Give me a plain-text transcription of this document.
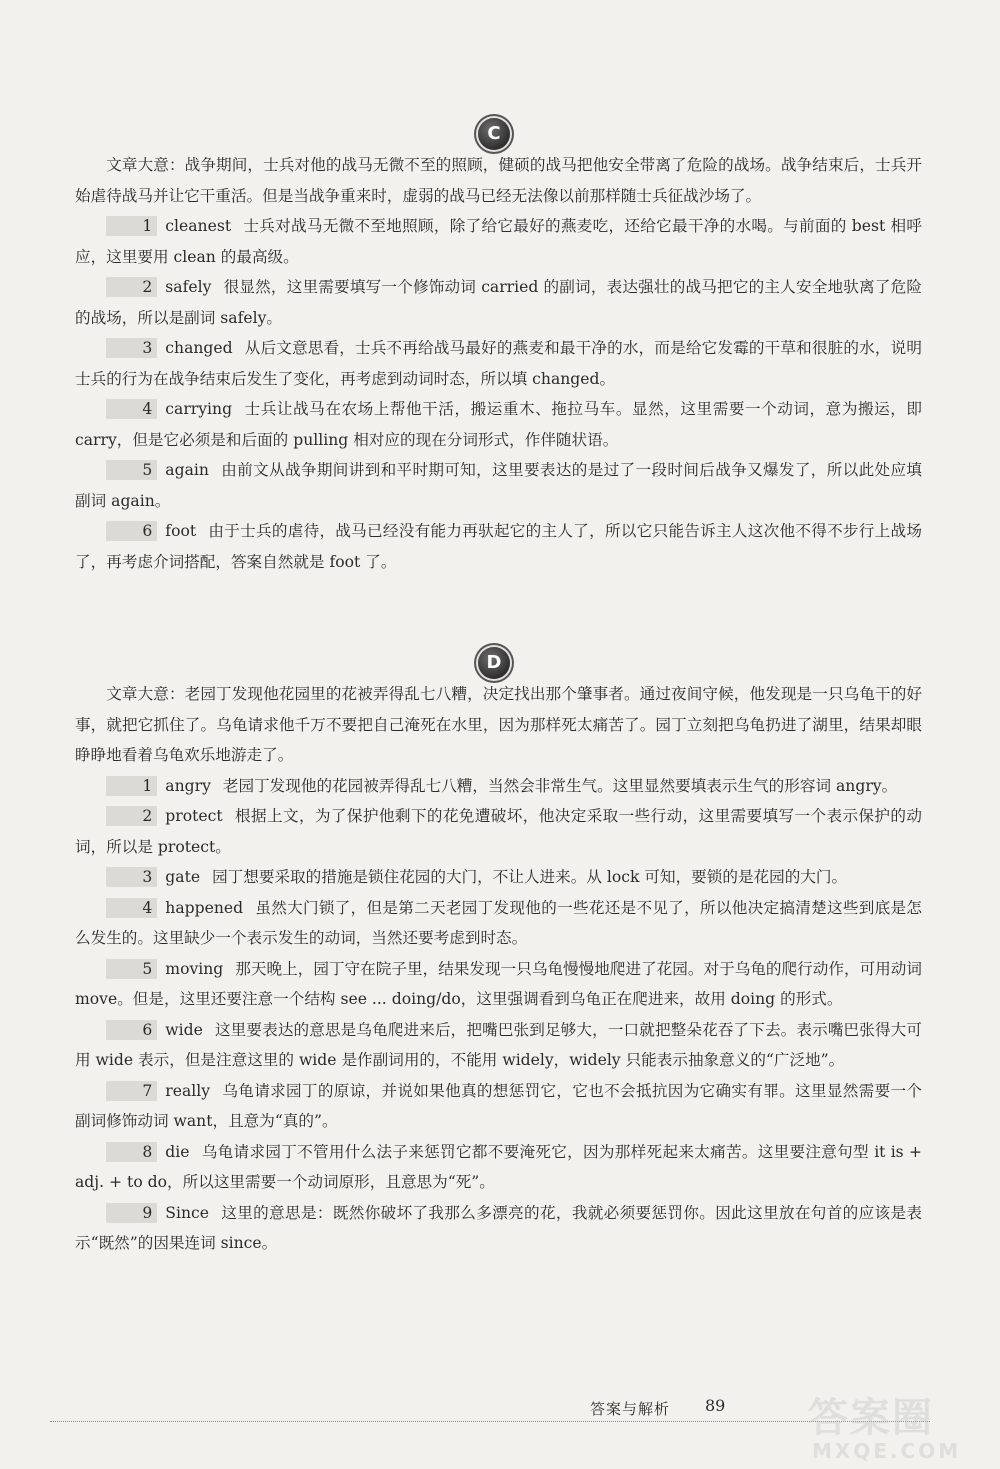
C

文章大意：战争期间，士兵对他的战马无微不至的照顾，健硕的战马把他安全带离了危险的战场。战争结束后，士兵开始虐待战马并让它干重活。但是当战争重来时，虚弱的战马已经无法像以前那样随士兵征战沙场了。

1 cleanest 士兵对战马无微不至地照顾，除了给它最好的燕麦吃，还给它最干净的水喝。与前面的 best 相呼应，这里要用 clean 的最高级。

2 safely 很显然，这里需要填写一个修饰动词 carried 的副词，表达强壮的战马把它的主人安全地驮离了危险的战场，所以是副词 safely。

3 changed 从后文意思看，士兵不再给战马最好的燕麦和最干净的水，而是给它发霉的干草和很脏的水，说明士兵的行为在战争结束后发生了变化，再考虑到动词时态，所以填 changed。

4 carrying 士兵让战马在农场上帮他干活，搬运重木、拖拉马车。显然，这里需要一个动词，意为搬运，即 carry，但是它必须是和后面的 pulling 相对应的现在分词形式，作伴随状语。

5 again 由前文从战争期间讲到和平时期可知，这里要表达的是过了一段时间后战争又爆发了，所以此处应填副词 again。

6 foot 由于士兵的虐待，战马已经没有能力再驮起它的主人了，所以它只能告诉主人这次他不得不步行上战场了，再考虑介词搭配，答案自然就是 foot 了。

D

文章大意：老园丁发现他花园里的花被弄得乱七八糟，决定找出那个肇事者。通过夜间守候，他发现是一只乌龟干的好事，就把它抓住了。乌龟请求他千万不要把自己淹死在水里，因为那样死太痛苦了。园丁立刻把乌龟扔进了湖里，结果却眼睁睁地看着乌龟欢乐地游走了。

1 angry 老园丁发现他的花园被弄得乱七八糟，当然会非常生气。这里显然要填表示生气的形容词 angry。

2 protect 根据上文，为了保护他剩下的花免遭破坏，他决定采取一些行动，这里需要填写一个表示保护的动词，所以是 protect。

3 gate 园丁想要采取的措施是锁住花园的大门，不让人进来。从 lock 可知，要锁的是花园的大门。

4 happened 虽然大门锁了，但是第二天老园丁发现他的一些花还是不见了，所以他决定搞清楚这些到底是怎么发生的。这里缺少一个表示发生的动词，当然还要考虑到时态。

5 moving 那天晚上，园丁守在院子里，结果发现一只乌龟慢慢地爬进了花园。对于乌龟的爬行动作，可用动词 move。但是，这里还要注意一个结构 see ... doing/do，这里强调看到乌龟正在爬进来，故用 doing 的形式。

6 wide 这里要表达的意思是乌龟爬进来后，把嘴巴张到足够大，一口就把整朵花吞了下去。表示嘴巴张得大可用 wide 表示，但是注意这里的 wide 是作副词用的，不能用 widely，widely 只能表示抽象意义的“广泛地”。

7 really 乌龟请求园丁的原谅，并说如果他真的想惩罚它，它也不会抵抗因为它确实有罪。这里显然需要一个副词修饰动词 want，且意为“真的”。

8 die 乌龟请求园丁不管用什么法子来惩罚它都不要淹死它，因为那样死起来太痛苦。这里要注意句型 it is + adj. + to do，所以这里需要一个动词原形，且意思为“死”。

9 Since 这里的意思是：既然你破坏了我那么多漂亮的花，我就必须要惩罚你。因此这里放在句首的应该是表示“既然”的因果连词 since。

答案与解析 89 答案圈
MXQE.COM
